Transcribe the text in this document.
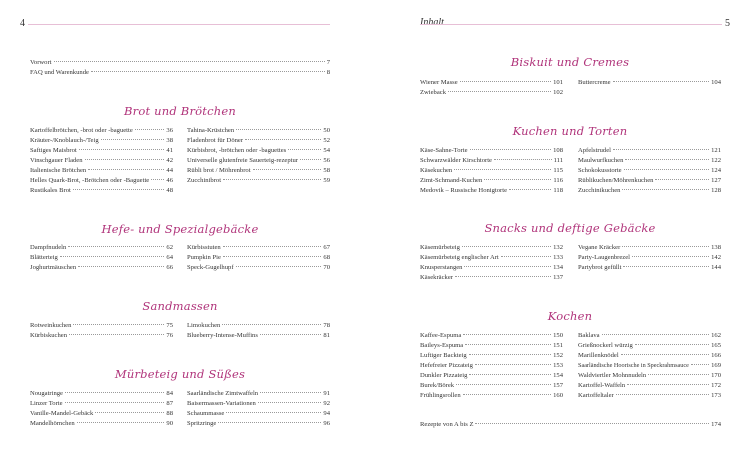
4
Vorwort	7
FAQ und Warenkunde	8
Brot und Brötchen
Kartoffelbrötchen, -brot oder -baguette	36
Kräuter-/Knoblauch-/Teig	38
Saftiges Maisbrot	41
Vinschgauer Fladen	42
Italienische Brötchen	44
Helles Quark-Brot, -Brötchen oder -Baguette	46
Rustikales Brot	48
Tahina-Krüstchen	50
Fladenbrot für Döner	52
Kürbisbrot, -brötchen oder -baguettes	54
Universelle glutenfreie Sauerteig-rezeptur	56
Rübli brot / Möhrenbrot	58
Zucchinibrot	59
Hefe- und Spezialgebäcke
Dampfnudeln	62
Blätterteig	64
Joghurtmäuschen	66
Kürbisstuten	67
Pumpkin Pie	68
Speck-Gugelhupf	70
Sandmassen
Rotweinkuchen	75
Kürbiskuchen	76
Limokuchen	78
Blueberry-Intense-Muffins	81
Mürbeteig und Süßes
Nougatringe	84
Linzer Torte	87
Vanille-Mandel-Gebäck	88
Mandelhörnchen	90
Saarländische Zimtwaffeln	91
Baisermassen-Variationen	92
Schaummasse	94
Spritzringe	96
Inhalt	5
Biskuit und Cremes
Wiener Masse	101
Zwieback	102
Buttercreme	104
Kuchen und Torten
Käse-Sahne-Torte	108
Schwarzwälder Kirschtorte	111
Käsekuchen	115
Zimt-Schmand-Kuchen	116
Medovik – Russische Honigtorte	118
Apfelstrudel	121
Maulwurfkuchen	122
Schokokusstorte	124
Rüblikuchen/Möhrenkuchen	127
Zucchinikuchen	128
Snacks und deftige Gebäcke
Käsemürbeteig	132
Käsemürbeteig englischer Art	133
Knusperstangen	134
Käsekräcker	137
Vegane Kräcker	138
Party-Laugenbrezel	142
Partybrot gefüllt	144
Kochen
Kaffee-Espuma	150
Baileys-Espuma	151
Luftiger Backteig	152
Hefefreier Pizzateig	153
Dunkler Pizzateig	154
Burek/Börek	157
Frühlingsrollen	160
Baklava	162
Grießnockerl würzig	165
Marillenknödel	166
Saarländische Hoorische in Speckrahmsauce	169
Waldviertler Mohnnudeln	170
Kartoffel-Waffeln	172
Kartoffeltaler	173
Rezepte von A bis Z	174
